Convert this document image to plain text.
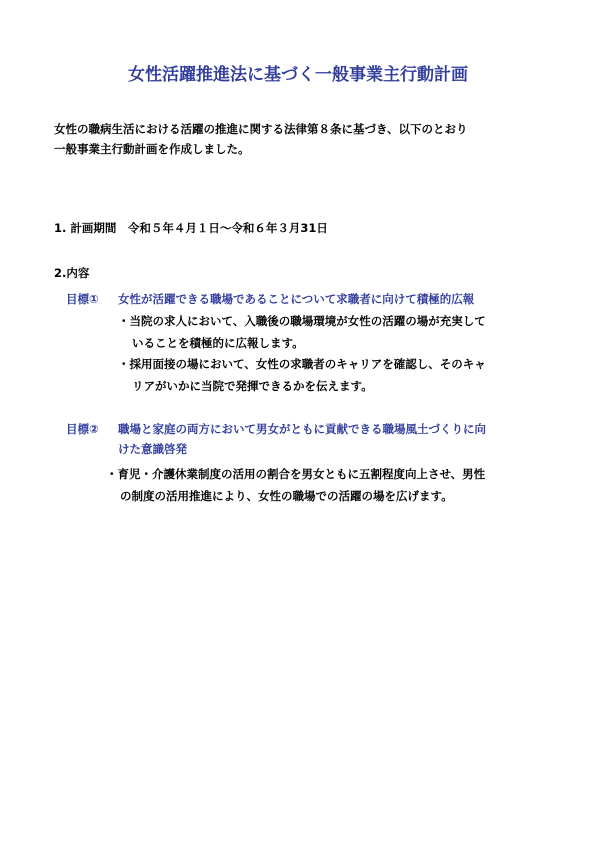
女性活躍推進法に基づく一般事業主行動計画
女性の職病生活における活躍の推進に関する法律第８条に基づき、以下のとおり
一般事業主行動計画を作成しました。
1. 計画期間　令和５年４月１日～令和６年３月31日
2.内容
目標① 女性が活躍できる職場であることについて求職者に向けて積極的広報
・当院の求人において、入職後の職場環境が女性の活躍の場が充実して
いることを積極的に広報します。
・採用面接の場において、女性の求職者のキャリアを確認し、そのキャ
リアがいかに当院で発揮できるかを伝えます。
目標② 職場と家庭の両方において男女がともに貢献できる職場風土づくりに向
けた意識啓発
・育児・介護休業制度の活用の割合を男女ともに五割程度向上させ、男性
の制度の活用推進により、女性の職場での活躍の場を広げます。
